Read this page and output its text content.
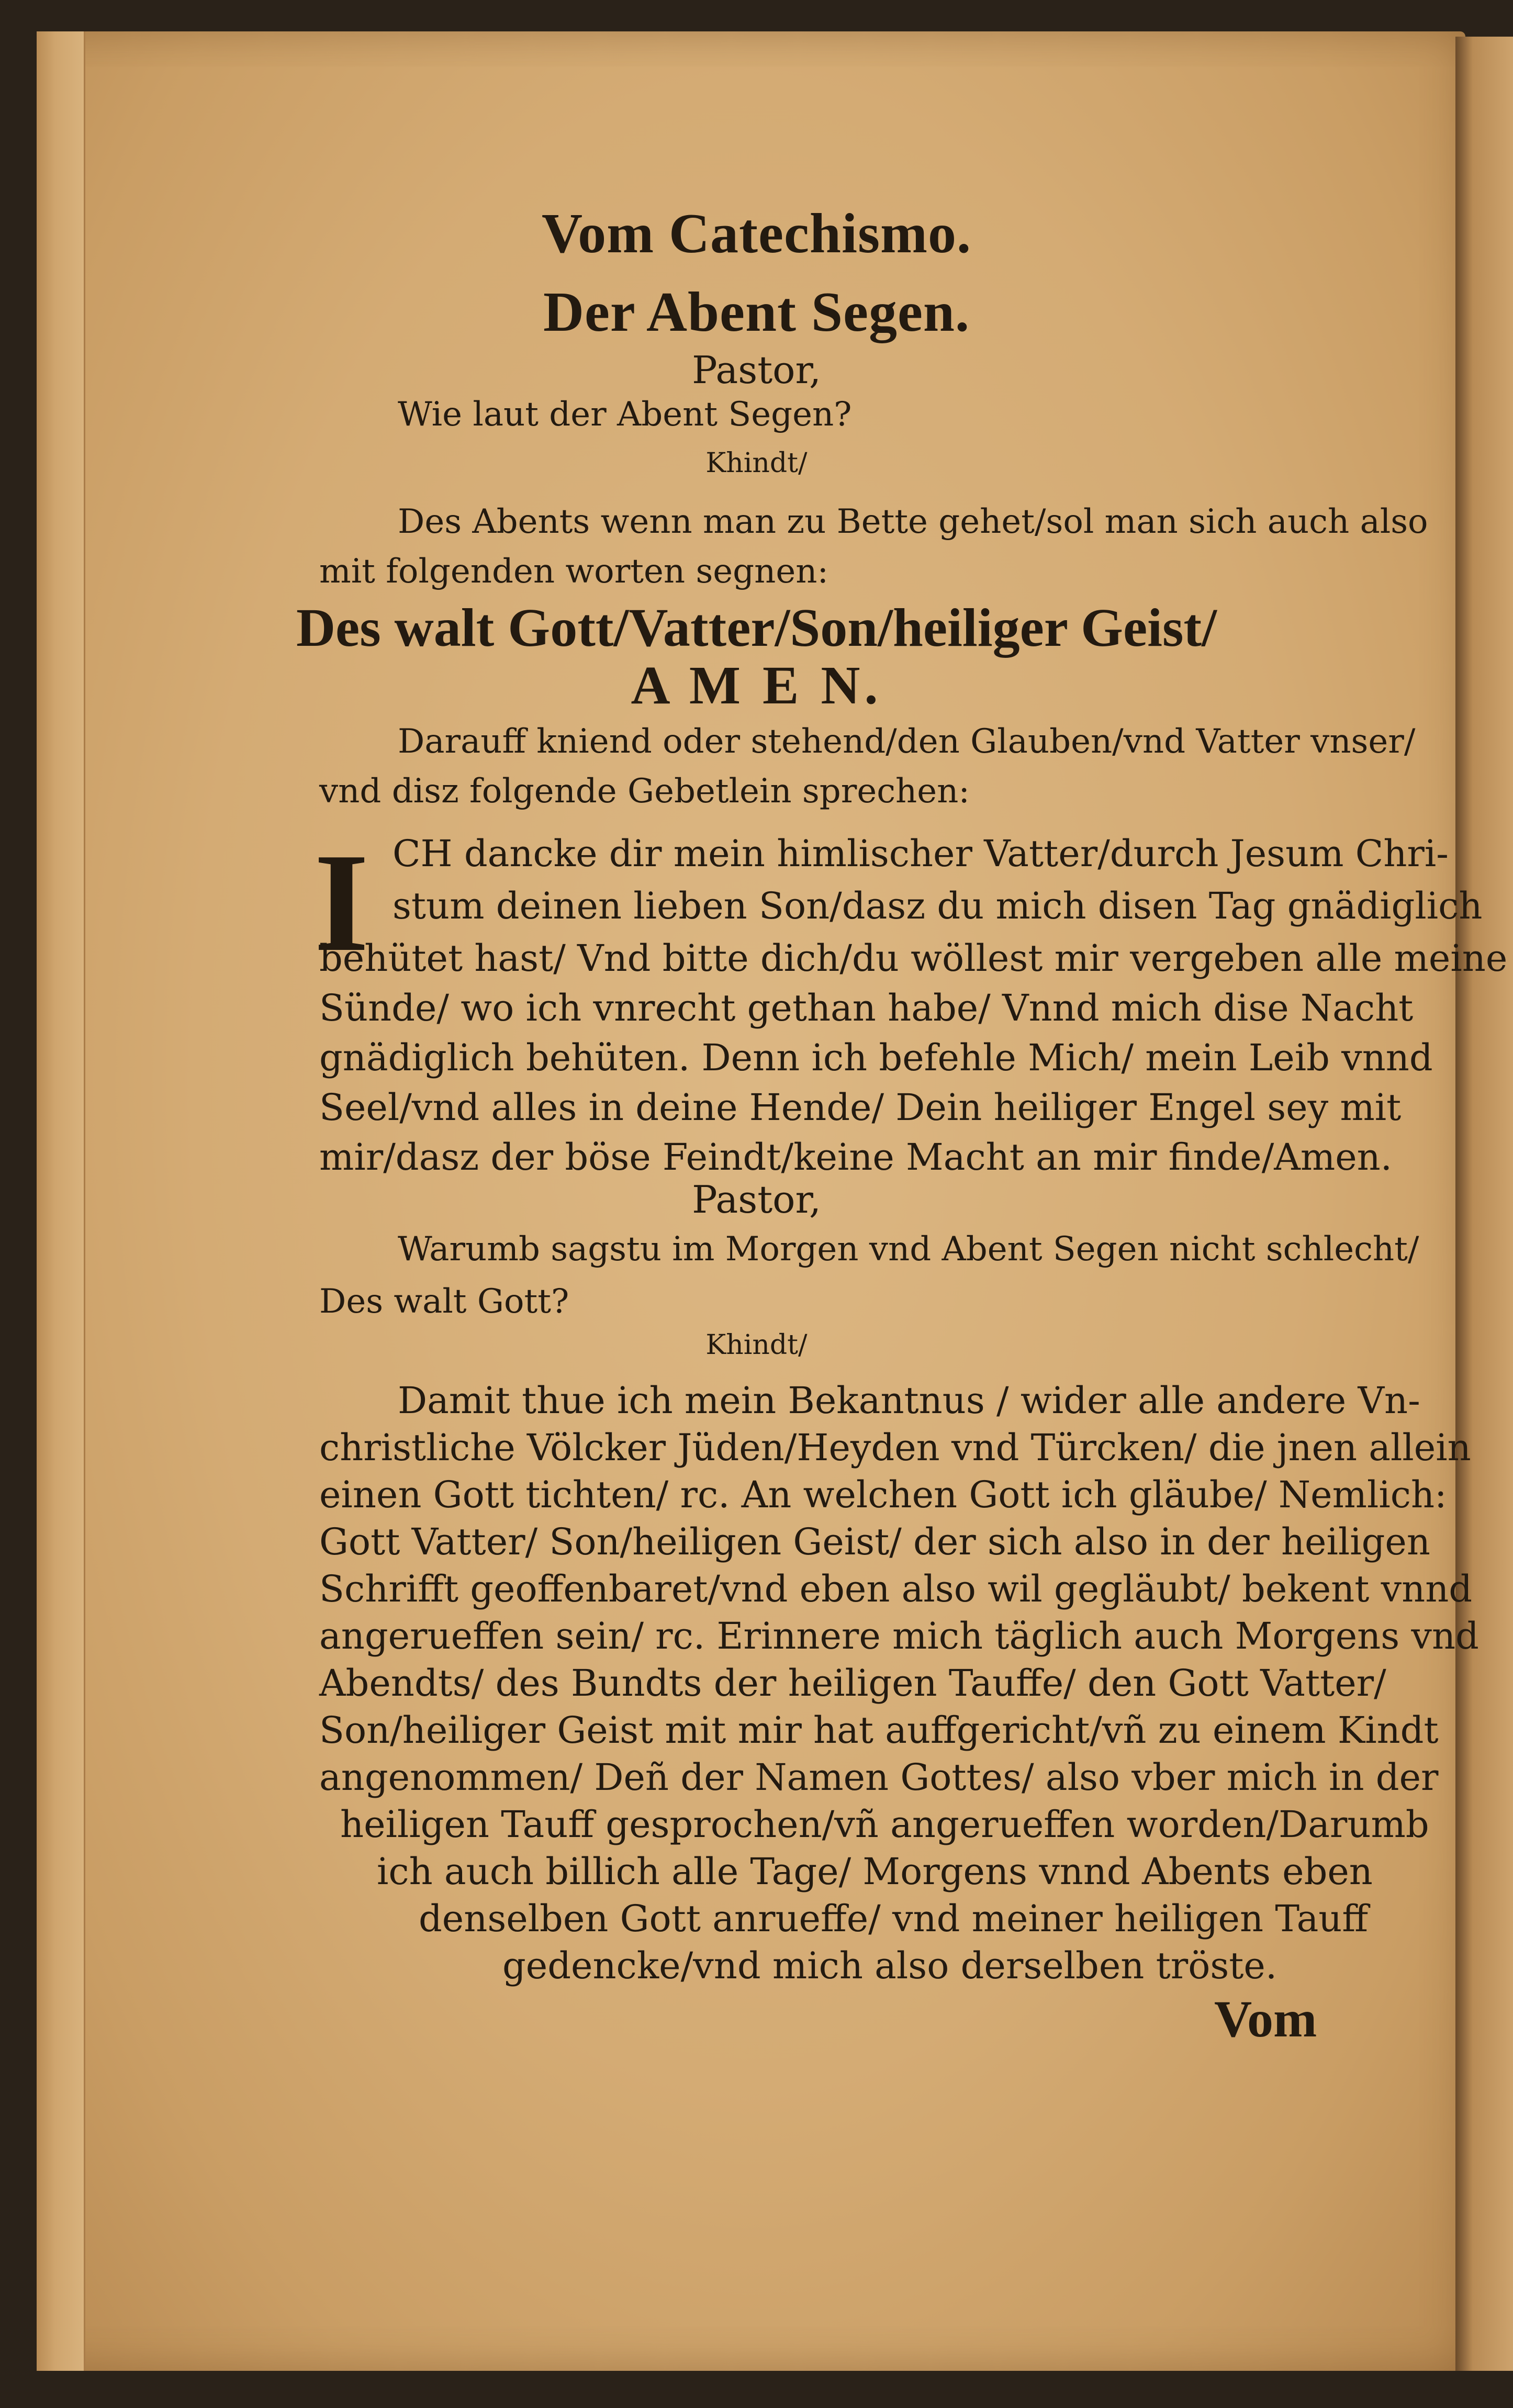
Vom Catechismo.
Der Abent Segen.
Pastor,
Wie laut der Abent Segen?
Khindt/
Des Abents wenn man zu Bette gehet/sol man sich auch also
mit folgenden worten segnen:
Des walt Gott/Vatter/Son/heiliger Geist/
A M E N.
Darauff kniend oder stehend/den Glauben/vnd Vatter vnser/
vnd disz folgende Gebetlein sprechen:
I CH dancke dir mein himlischer Vatter/durch Jesum Chri-
stum deinen lieben Son/dasz du mich disen Tag gnädiglich
behütet hast/ Vnd bitte dich/du wöllest mir vergeben alle meine
Sünde/ wo ich vnrecht gethan habe/ Vnnd mich dise Nacht
gnädiglich behüten. Denn ich befehle Mich/ mein Leib vnnd
Seel/vnd alles in deine Hende/ Dein heiliger Engel sey mit
mir/dasz der böse Feindt/keine Macht an mir finde/Amen.
Pastor,
Warumb sagstu im Morgen vnd Abent Segen nicht schlecht/
Des walt Gott?
Khindt/
Damit thue ich mein Bekantnus / wider alle andere Vn-
christliche Völcker Jüden/Heyden vnd Türcken/ die jnen allein
einen Gott tichten/ rc. An welchen Gott ich gläube/ Nemlich:
Gott Vatter/ Son/heiligen Geist/ der sich also in der heiligen
Schrifft geoffenbaret/vnd eben also wil gegläubt/ bekent vnnd
angerueffen sein/ rc. Erinnere mich täglich auch Morgens vnd
Abendts/ des Bundts der heiligen Tauffe/ den Gott Vatter/
Son/heiliger Geist mit mir hat auffgericht/vñ zu einem Kindt
angenommen/ Deñ der Namen Gottes/ also vber mich in der
heiligen Tauff gesprochen/vñ angerueffen worden/Darumb
ich auch billich alle Tage/ Morgens vnnd Abents eben
denselben Gott anrueffe/ vnd meiner heiligen Tauff
gedencke/vnd mich also derselben tröste.
Vom
